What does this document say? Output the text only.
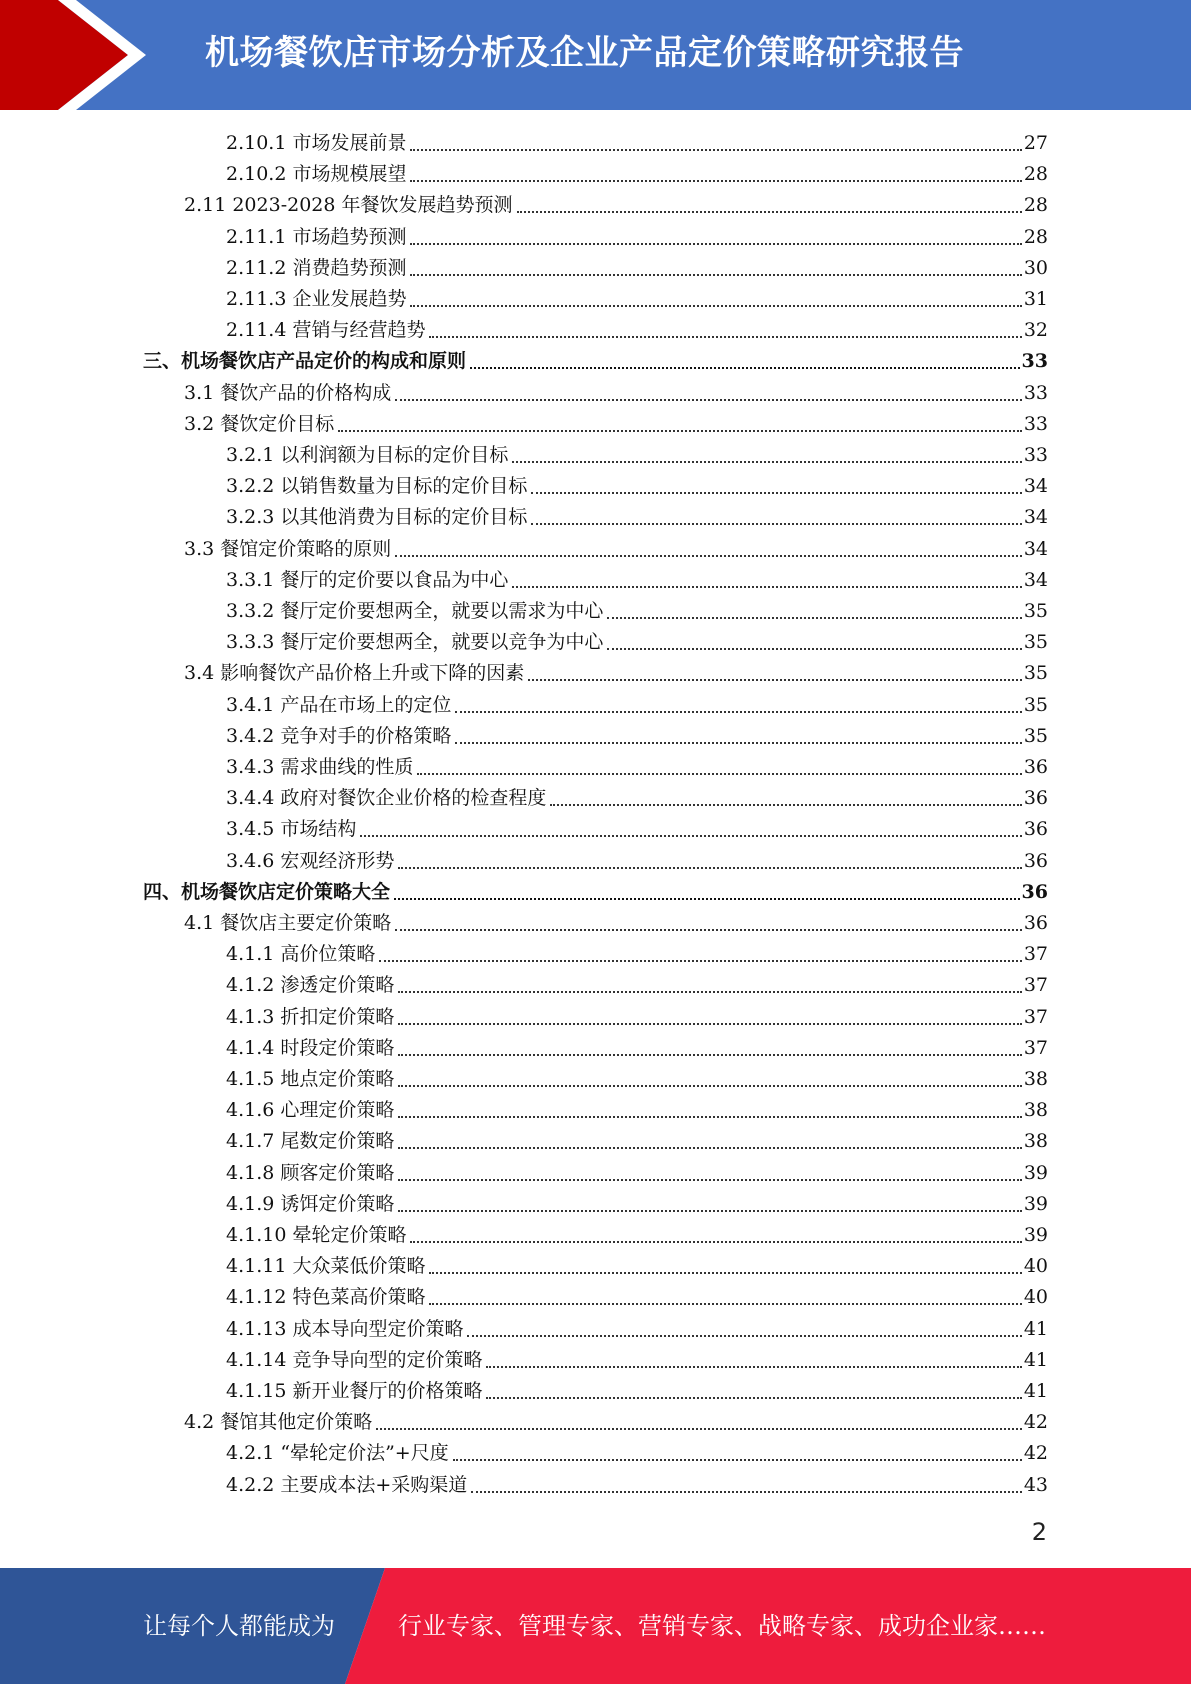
机场餐饮店市场分析及企业产品定价策略研究报告
2.10.1 市场发展前景	27
2.10.2 市场规模展望	28
2.11 2023-2028 年餐饮发展趋势预测	28
2.11.1 市场趋势预测	28
2.11.2 消费趋势预测	30
2.11.3 企业发展趋势	31
2.11.4 营销与经营趋势	32
三、机场餐饮店产品定价的构成和原则	33
3.1 餐饮产品的价格构成	33
3.2 餐饮定价目标	33
3.2.1 以利润额为目标的定价目标	33
3.2.2 以销售数量为目标的定价目标	34
3.2.3 以其他消费为目标的定价目标	34
3.3 餐馆定价策略的原则	34
3.3.1 餐厅的定价要以食品为中心	34
3.3.2 餐厅定价要想两全，就要以需求为中心	35
3.3.3 餐厅定价要想两全，就要以竞争为中心	35
3.4 影响餐饮产品价格上升或下降的因素	35
3.4.1 产品在市场上的定位	35
3.4.2 竞争对手的价格策略	35
3.4.3 需求曲线的性质	36
3.4.4 政府对餐饮企业价格的检查程度	36
3.4.5 市场结构	36
3.4.6 宏观经济形势	36
四、机场餐饮店定价策略大全	36
4.1 餐饮店主要定价策略	36
4.1.1 高价位策略	37
4.1.2 渗透定价策略	37
4.1.3 折扣定价策略	37
4.1.4 时段定价策略	37
4.1.5 地点定价策略	38
4.1.6 心理定价策略	38
4.1.7 尾数定价策略	38
4.1.8 顾客定价策略	39
4.1.9 诱饵定价策略	39
4.1.10 晕轮定价策略	39
4.1.11 大众菜低价策略	40
4.1.12 特色菜高价策略	40
4.1.13 成本导向型定价策略	41
4.1.14 竞争导向型的定价策略	41
4.1.15 新开业餐厅的价格策略	41
4.2 餐馆其他定价策略	42
4.2.1 “晕轮定价法”+尺度	42
4.2.2 主要成本法+采购渠道	43
2
让每个人都能成为	行业专家、管理专家、营销专家、战略专家、成功企业家……
